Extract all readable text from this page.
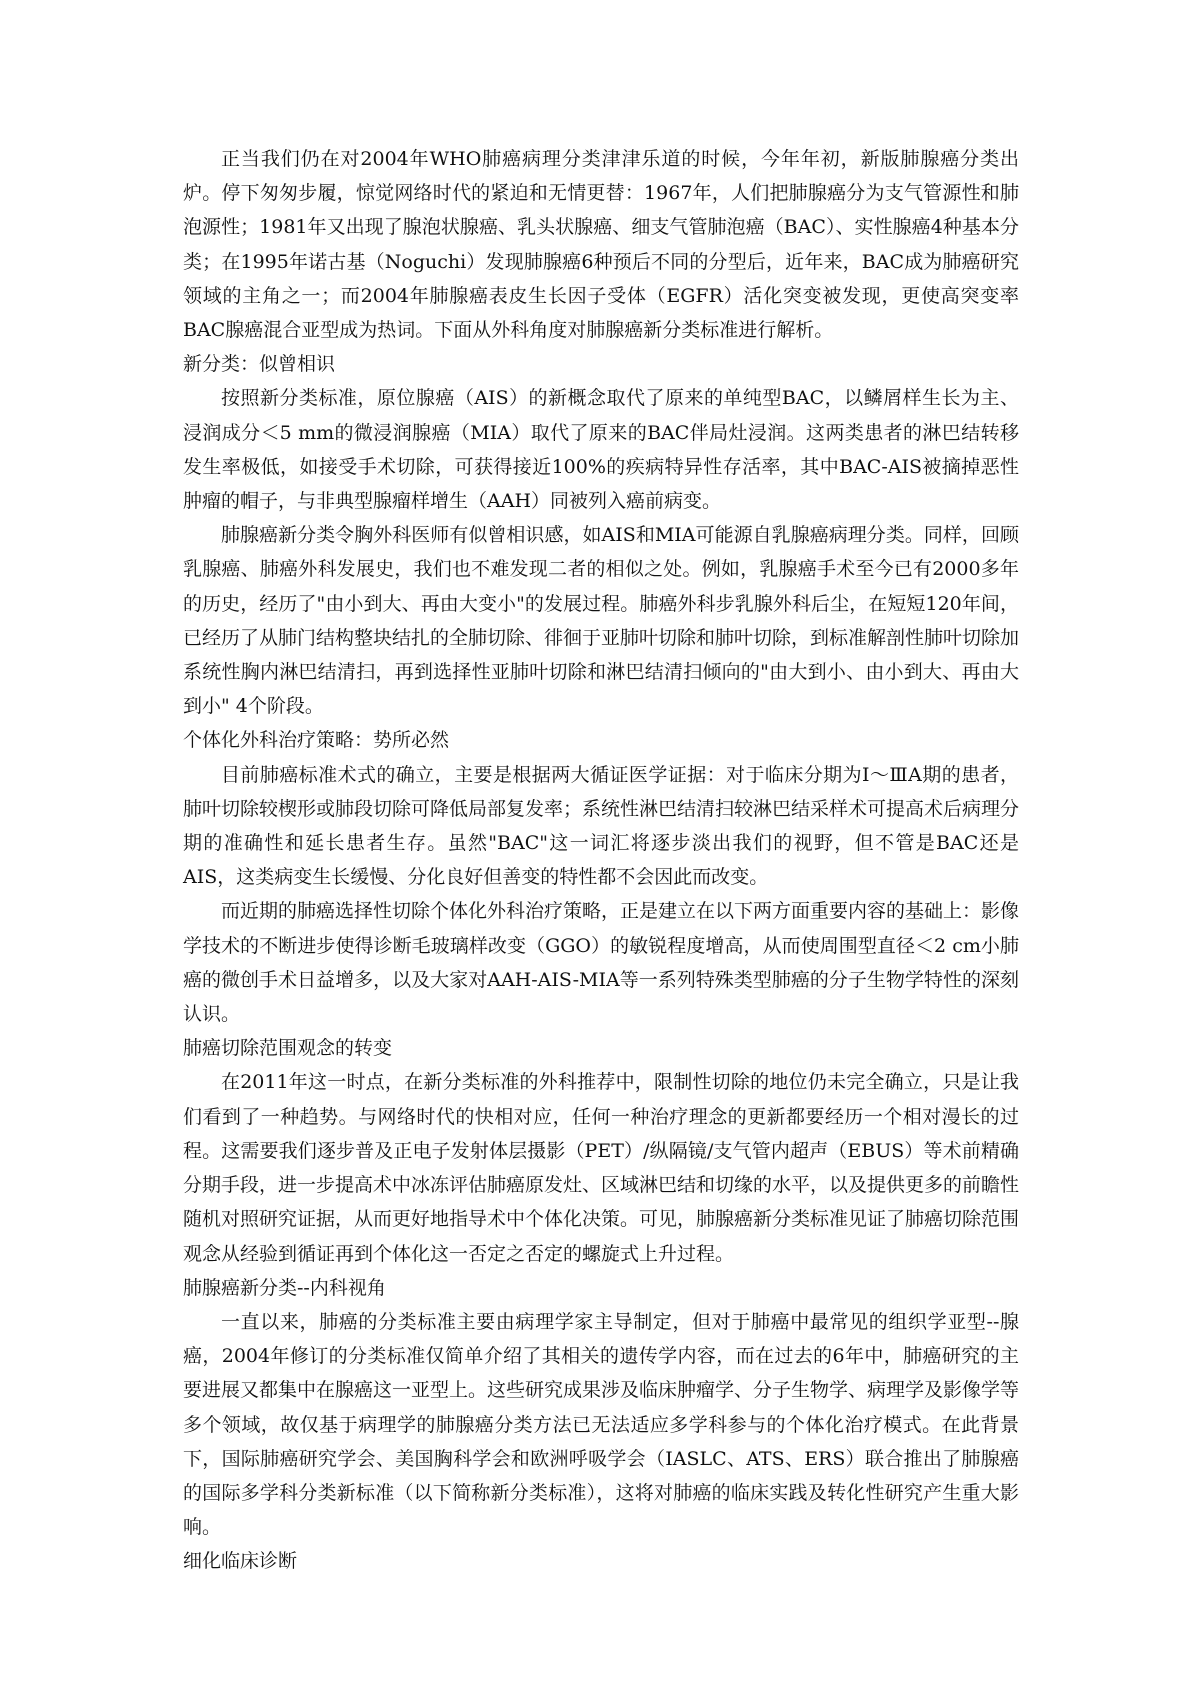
正当我们仍在对2004年WHO肺癌病理分类津津乐道的时候，今年年初，新版肺腺癌分类出炉。停下匆匆步履，惊觉网络时代的紧迫和无情更替：1967年，人们把肺腺癌分为支气管源性和肺泡源性；1981年又出现了腺泡状腺癌、乳头状腺癌、细支气管肺泡癌（BAC）、实性腺癌4种基本分类；在1995年诺古基（Noguchi）发现肺腺癌6种预后不同的分型后，近年来，BAC成为肺癌研究领域的主角之一；而2004年肺腺癌表皮生长因子受体（EGFR）活化突变被发现，更使高突变率BAC腺癌混合亚型成为热词。下面从外科角度对肺腺癌新分类标准进行解析。

新分类：似曾相识

按照新分类标准，原位腺癌（AIS）的新概念取代了原来的单纯型BAC，以鳞屑样生长为主、浸润成分＜5 mm的微浸润腺癌（MIA）取代了原来的BAC伴局灶浸润。这两类患者的淋巴结转移发生率极低，如接受手术切除，可获得接近100%的疾病特异性存活率，其中BAC-AIS被摘掉恶性肿瘤的帽子，与非典型腺瘤样增生（AAH）同被列入癌前病变。

肺腺癌新分类令胸外科医师有似曾相识感，如AIS和MIA可能源自乳腺癌病理分类。同样，回顾乳腺癌、肺癌外科发展史，我们也不难发现二者的相似之处。例如，乳腺癌手术至今已有2000多年的历史，经历了"由小到大、再由大变小"的发展过程。肺癌外科步乳腺外科后尘，在短短120年间，已经历了从肺门结构整块结扎的全肺切除、徘徊于亚肺叶切除和肺叶切除，到标准解剖性肺叶切除加系统性胸内淋巴结清扫，再到选择性亚肺叶切除和淋巴结清扫倾向的"由大到小、由小到大、再由大到小" 4个阶段。

个体化外科治疗策略：势所必然

目前肺癌标准术式的确立，主要是根据两大循证医学证据：对于临床分期为Ⅰ～ⅢA期的患者，肺叶切除较楔形或肺段切除可降低局部复发率；系统性淋巴结清扫较淋巴结采样术可提高术后病理分期的准确性和延长患者生存。虽然"BAC"这一词汇将逐步淡出我们的视野，但不管是BAC还是AIS，这类病变生长缓慢、分化良好但善变的特性都不会因此而改变。

而近期的肺癌选择性切除个体化外科治疗策略，正是建立在以下两方面重要内容的基础上：影像学技术的不断进步使得诊断毛玻璃样改变（GGO）的敏锐程度增高，从而使周围型直径＜2 cm小肺癌的微创手术日益增多，以及大家对AAH-AIS-MIA等一系列特殊类型肺癌的分子生物学特性的深刻认识。

肺癌切除范围观念的转变

在2011年这一时点，在新分类标准的外科推荐中，限制性切除的地位仍未完全确立，只是让我们看到了一种趋势。与网络时代的快相对应，任何一种治疗理念的更新都要经历一个相对漫长的过程。这需要我们逐步普及正电子发射体层摄影（PET）/纵隔镜/支气管内超声（EBUS）等术前精确分期手段，进一步提高术中冰冻评估肺癌原发灶、区域淋巴结和切缘的水平，以及提供更多的前瞻性随机对照研究证据，从而更好地指导术中个体化决策。可见，肺腺癌新分类标准见证了肺癌切除范围观念从经验到循证再到个体化这一否定之否定的螺旋式上升过程。

肺腺癌新分类--内科视角

一直以来，肺癌的分类标准主要由病理学家主导制定，但对于肺癌中最常见的组织学亚型--腺癌，2004年修订的分类标准仅简单介绍了其相关的遗传学内容，而在过去的6年中，肺癌研究的主要进展又都集中在腺癌这一亚型上。这些研究成果涉及临床肿瘤学、分子生物学、病理学及影像学等多个领域，故仅基于病理学的肺腺癌分类方法已无法适应多学科参与的个体化治疗模式。在此背景下，国际肺癌研究学会、美国胸科学会和欧洲呼吸学会（IASLC、ATS、ERS）联合推出了肺腺癌的国际多学科分类新标准（以下简称新分类标准），这将对肺癌的临床实践及转化性研究产生重大影响。

细化临床诊断
